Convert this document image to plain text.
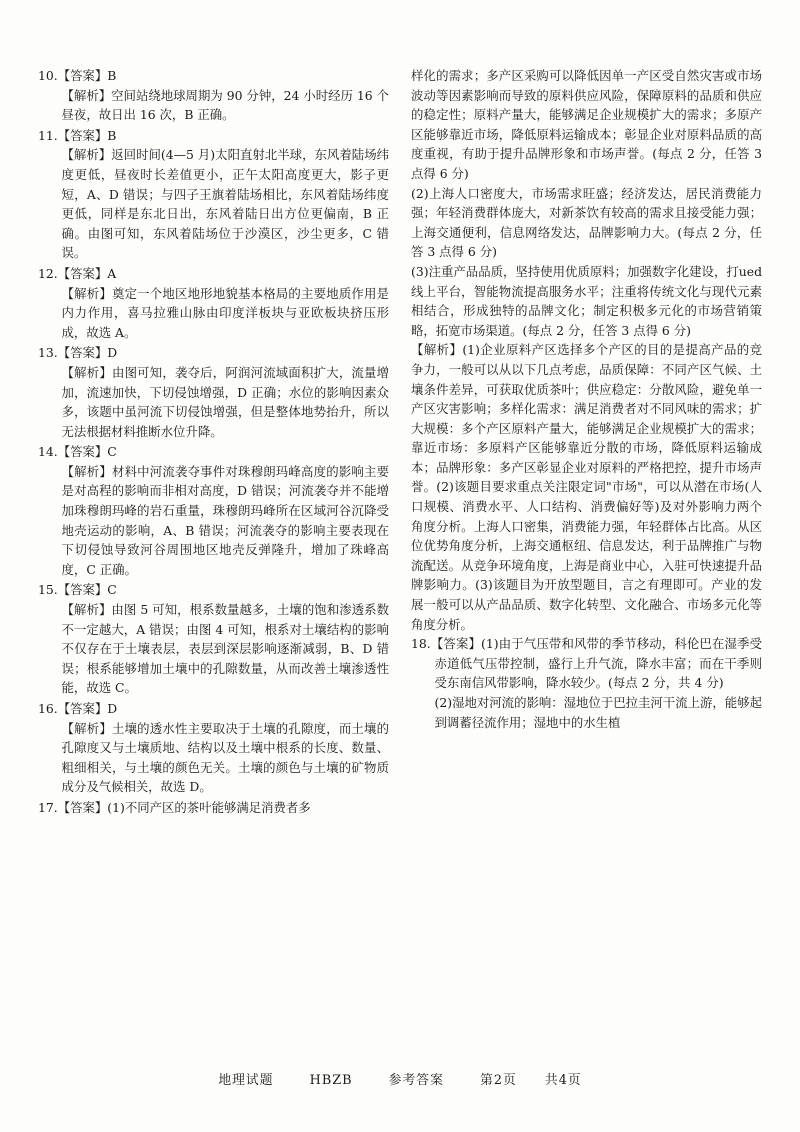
10.【答案】B
【解析】空间站绕地球周期为 90 分钟，24 小时经历 16 个昼夜，故日出 16 次，B 正确。
11.【答案】B
【解析】返回时间(4—5 月)太阳直射北半球，东风着陆场纬度更低，昼夜时长差值更小，正午太阳高度更大，影子更短，A、D 错误；与四子王旗着陆场相比，东风着陆场纬度更低，同样是东北日出，东风着陆日出方位更偏南，B 正确。由图可知，东风着陆场位于沙漠区，沙尘更多，C 错误。
12.【答案】A
【解析】奠定一个地区地形地貌基本格局的主要地质作用是内力作用，喜马拉雅山脉由印度洋板块与亚欧板块挤压形成，故选 A。
13.【答案】D
【解析】由图可知，袭夺后，阿润河流域面积扩大，流量增加，流速加快，下切侵蚀增强，D 正确；水位的影响因素众多，该题中虽河流下切侵蚀增强，但是整体地势抬升，所以无法根据材料推断水位升降。
14.【答案】C
【解析】材料中河流袭夺事件对珠穆朗玛峰高度的影响主要是对高程的影响而非相对高度，D 错误；河流袭夺并不能增加珠穆朗玛峰的岩石重量，珠穆朗玛峰所在区域河谷沉降受地壳运动的影响，A、B 错误；河流袭夺的影响主要表现在下切侵蚀导致河谷周围地区地壳反弹隆升，增加了珠峰高度，C 正确。
15.【答案】C
【解析】由图 5 可知，根系数量越多，土壤的饱和渗透系数不一定越大，A 错误；由图 4 可知，根系对土壤结构的影响不仅存在于土壤表层，表层到深层影响逐渐减弱，B、D 错误；根系能够增加土壤中的孔隙数量，从而改善土壤渗透性能，故选 C。
16.【答案】D
【解析】土壤的透水性主要取决于土壤的孔隙度，而土壤的孔隙度又与土壤质地、结构以及土壤中根系的长度、数量、粗细相关，与土壤的颜色无关。土壤的颜色与土壤的矿物质成分及气候相关，故选 D。
17.【答案】(1)不同产区的茶叶能够满足消费者多
样化的需求；多产区采购可以降低因单一产区受自然灾害或市场波动等因素影响而导致的原料供应风险，保障原料的品质和供应的稳定性；原料产量大，能够满足企业规模扩大的需求；多原产区能够靠近市场，降低原料运输成本；彰显企业对原料品质的高度重视，有助于提升品牌形象和市场声誉。(每点 2 分，任答 3 点得 6 分)
(2)上海人口密度大，市场需求旺盛；经济发达，居民消费能力强；年轻消费群体庞大，对新茶饮有较高的需求且接受能力强；上海交通便利，信息网络发达，品牌影响力大。(每点 2 分，任答 3 点得 6 分)
(3)注重产品品质，坚持使用优质原料；加强数字化建设，打ued线上平台，智能物流提高服务水平；注重将传统文化与现代元素相结合，形成独特的品牌文化；制定积极多元化的市场营销策略，拓宽市场渠道。(每点 2 分，任答 3 点得 6 分)
【解析】(1)企业原料产区选择多个产区的目的是提高产品的竞争力，一般可以从以下几点考虑，品质保障：不同产区气候、土壤条件差异，可获取优质茶叶；供应稳定：分散风险，避免单一产区灾害影响；多样化需求：满足消费者对不同风味的需求；扩大规模：多个产区原料产量大，能够满足企业规模扩大的需求；靠近市场：多原料产区能够靠近分散的市场，降低原料运输成本；品牌形象：多产区彰显企业对原料的严格把控，提升市场声誉。(2)该题目要求重点关注限定词"市场"，可以从潜在市场(人口规模、消费水平、人口结构、消费偏好等)及对外影响力两个角度分析。上海人口密集，消费能力强，年轻群体占比高。从区位优势角度分析，上海交通枢纽、信息发达，利于品牌推广与物流配送。从竞争环境角度，上海是商业中心，入驻可快速提升品牌影响力。(3)该题目为开放型题目，言之有理即可。产业的发展一般可以从产品品质、数字化转型、文化融合、市场多元化等角度分析。
18.【答案】(1)由于气压带和风带的季节移动，科伦巴在湿季受赤道低气压带控制，盛行上升气流，降水丰富；而在干季则受东南信风带影响，降水较少。(每点 2 分，共 4 分)
(2)湿地对河流的影响：湿地位于巴拉圭河干流上游，能够起到调蓄径流作用；湿地中的水生植
地理试题	HBZB	参考答案	第2页 共4页
